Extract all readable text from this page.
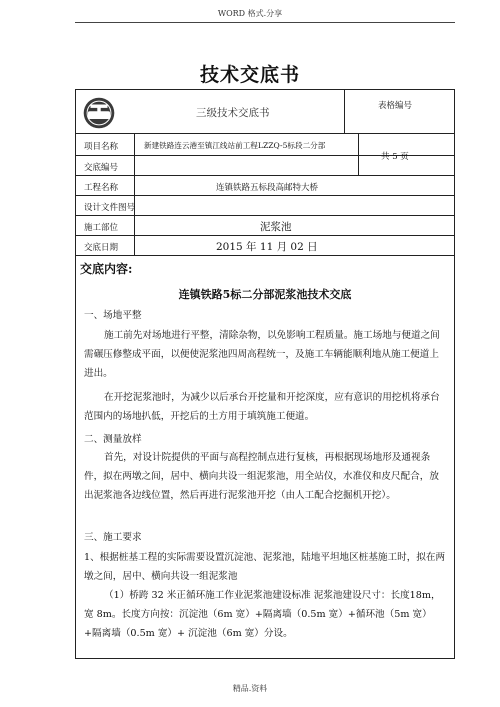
WORD 格式.分享
技术交底书
三级技术交底书
表格编号
项目名称	新建铁路连云港至镇江线站前工程LZZQ-5标段二分部
共 5 页
交底编号
工程名称	连镇铁路五标段高邮特大桥
设计文件图号
施工部位	泥浆池
交底日期	2015 年 11 月 02 日
交底内容:
连镇铁路5标二分部泥浆池技术交底
一、场地平整
施工前先对场地进行平整，清除杂物，以免影响工程质量。施工场地与便道之间需碾压修整成平面，以便使泥浆池四周高程统一，及施工车辆能顺利地从施工便道上进出。
在开挖泥浆池时，为减少以后承台开挖量和开挖深度，应有意识的用挖机将承台范围内的场地扒低，开挖后的土方用于填筑施工便道。
二、测量放样
首先，对设计院提供的平面与高程控制点进行复核，再根据现场地形及通视条件，拟在两墩之间，居中、横向共设一组泥浆池，用全站仪，水准仪和皮尺配合，放出泥浆池各边线位置，然后再进行泥浆池开挖（由人工配合挖掘机开挖）。
三、施工要求
1、根据桩基工程的实际需要设置沉淀池、泥浆池，陆地平坦地区桩基施工时，拟在两墩之间，居中、横向共设一组泥浆池
（1）桥跨 32 米正循环施工作业泥浆池建设标准 泥浆池建设尺寸：长度18m，宽 8m。长度方向按：沉淀池（6m 宽）+隔离墙（0.5m 宽）+循环池（5m 宽）+隔离墙（0.5m 宽）+ 沉淀池（6m 宽）分设。
精品.资料
